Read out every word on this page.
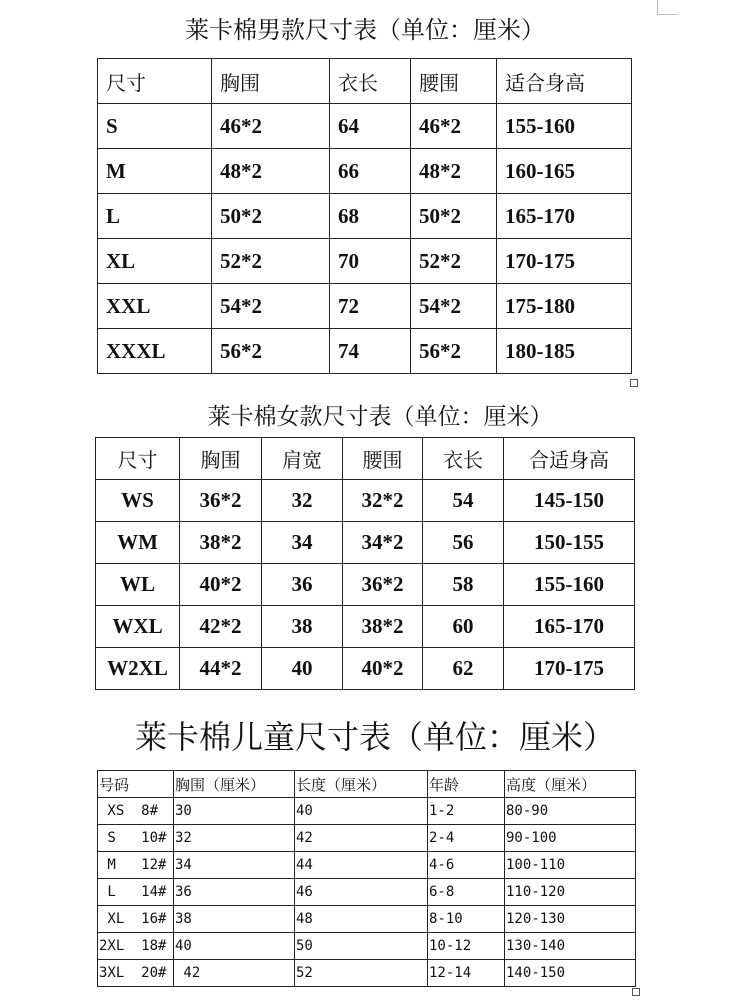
莱卡棉男款尺寸表（单位：厘米）
尺寸	胸围	衣长	腰围	适合身高
S	46*2	64	46*2	155-160
M	48*2	66	48*2	160-165
L	50*2	68	50*2	165-170
XL	52*2	70	52*2	170-175
XXL	54*2	72	54*2	175-180
XXXL	56*2	74	56*2	180-185
莱卡棉女款尺寸表（单位：厘米）
尺寸	胸围	肩宽	腰围	衣长	合适身高
WS	36*2	32	32*2	54	145-150
WM	38*2	34	34*2	56	150-155
WL	40*2	36	36*2	58	155-160
WXL	42*2	38	38*2	60	165-170
W2XL	44*2	40	40*2	62	170-175
莱卡棉儿童尺寸表（单位：厘米）
号码	胸围（厘米）	长度（厘米）	年龄	高度（厘米）
XS  8#	30	40	1-2	80-90
S   10#	32	42	2-4	90-100
M   12#	34	44	4-6	100-110
L   14#	36	46	6-8	110-120
XL  16#	38	48	8-10	120-130
2XL  18#	40	50	10-12	130-140
3XL  20#	42	52	12-14	140-150
